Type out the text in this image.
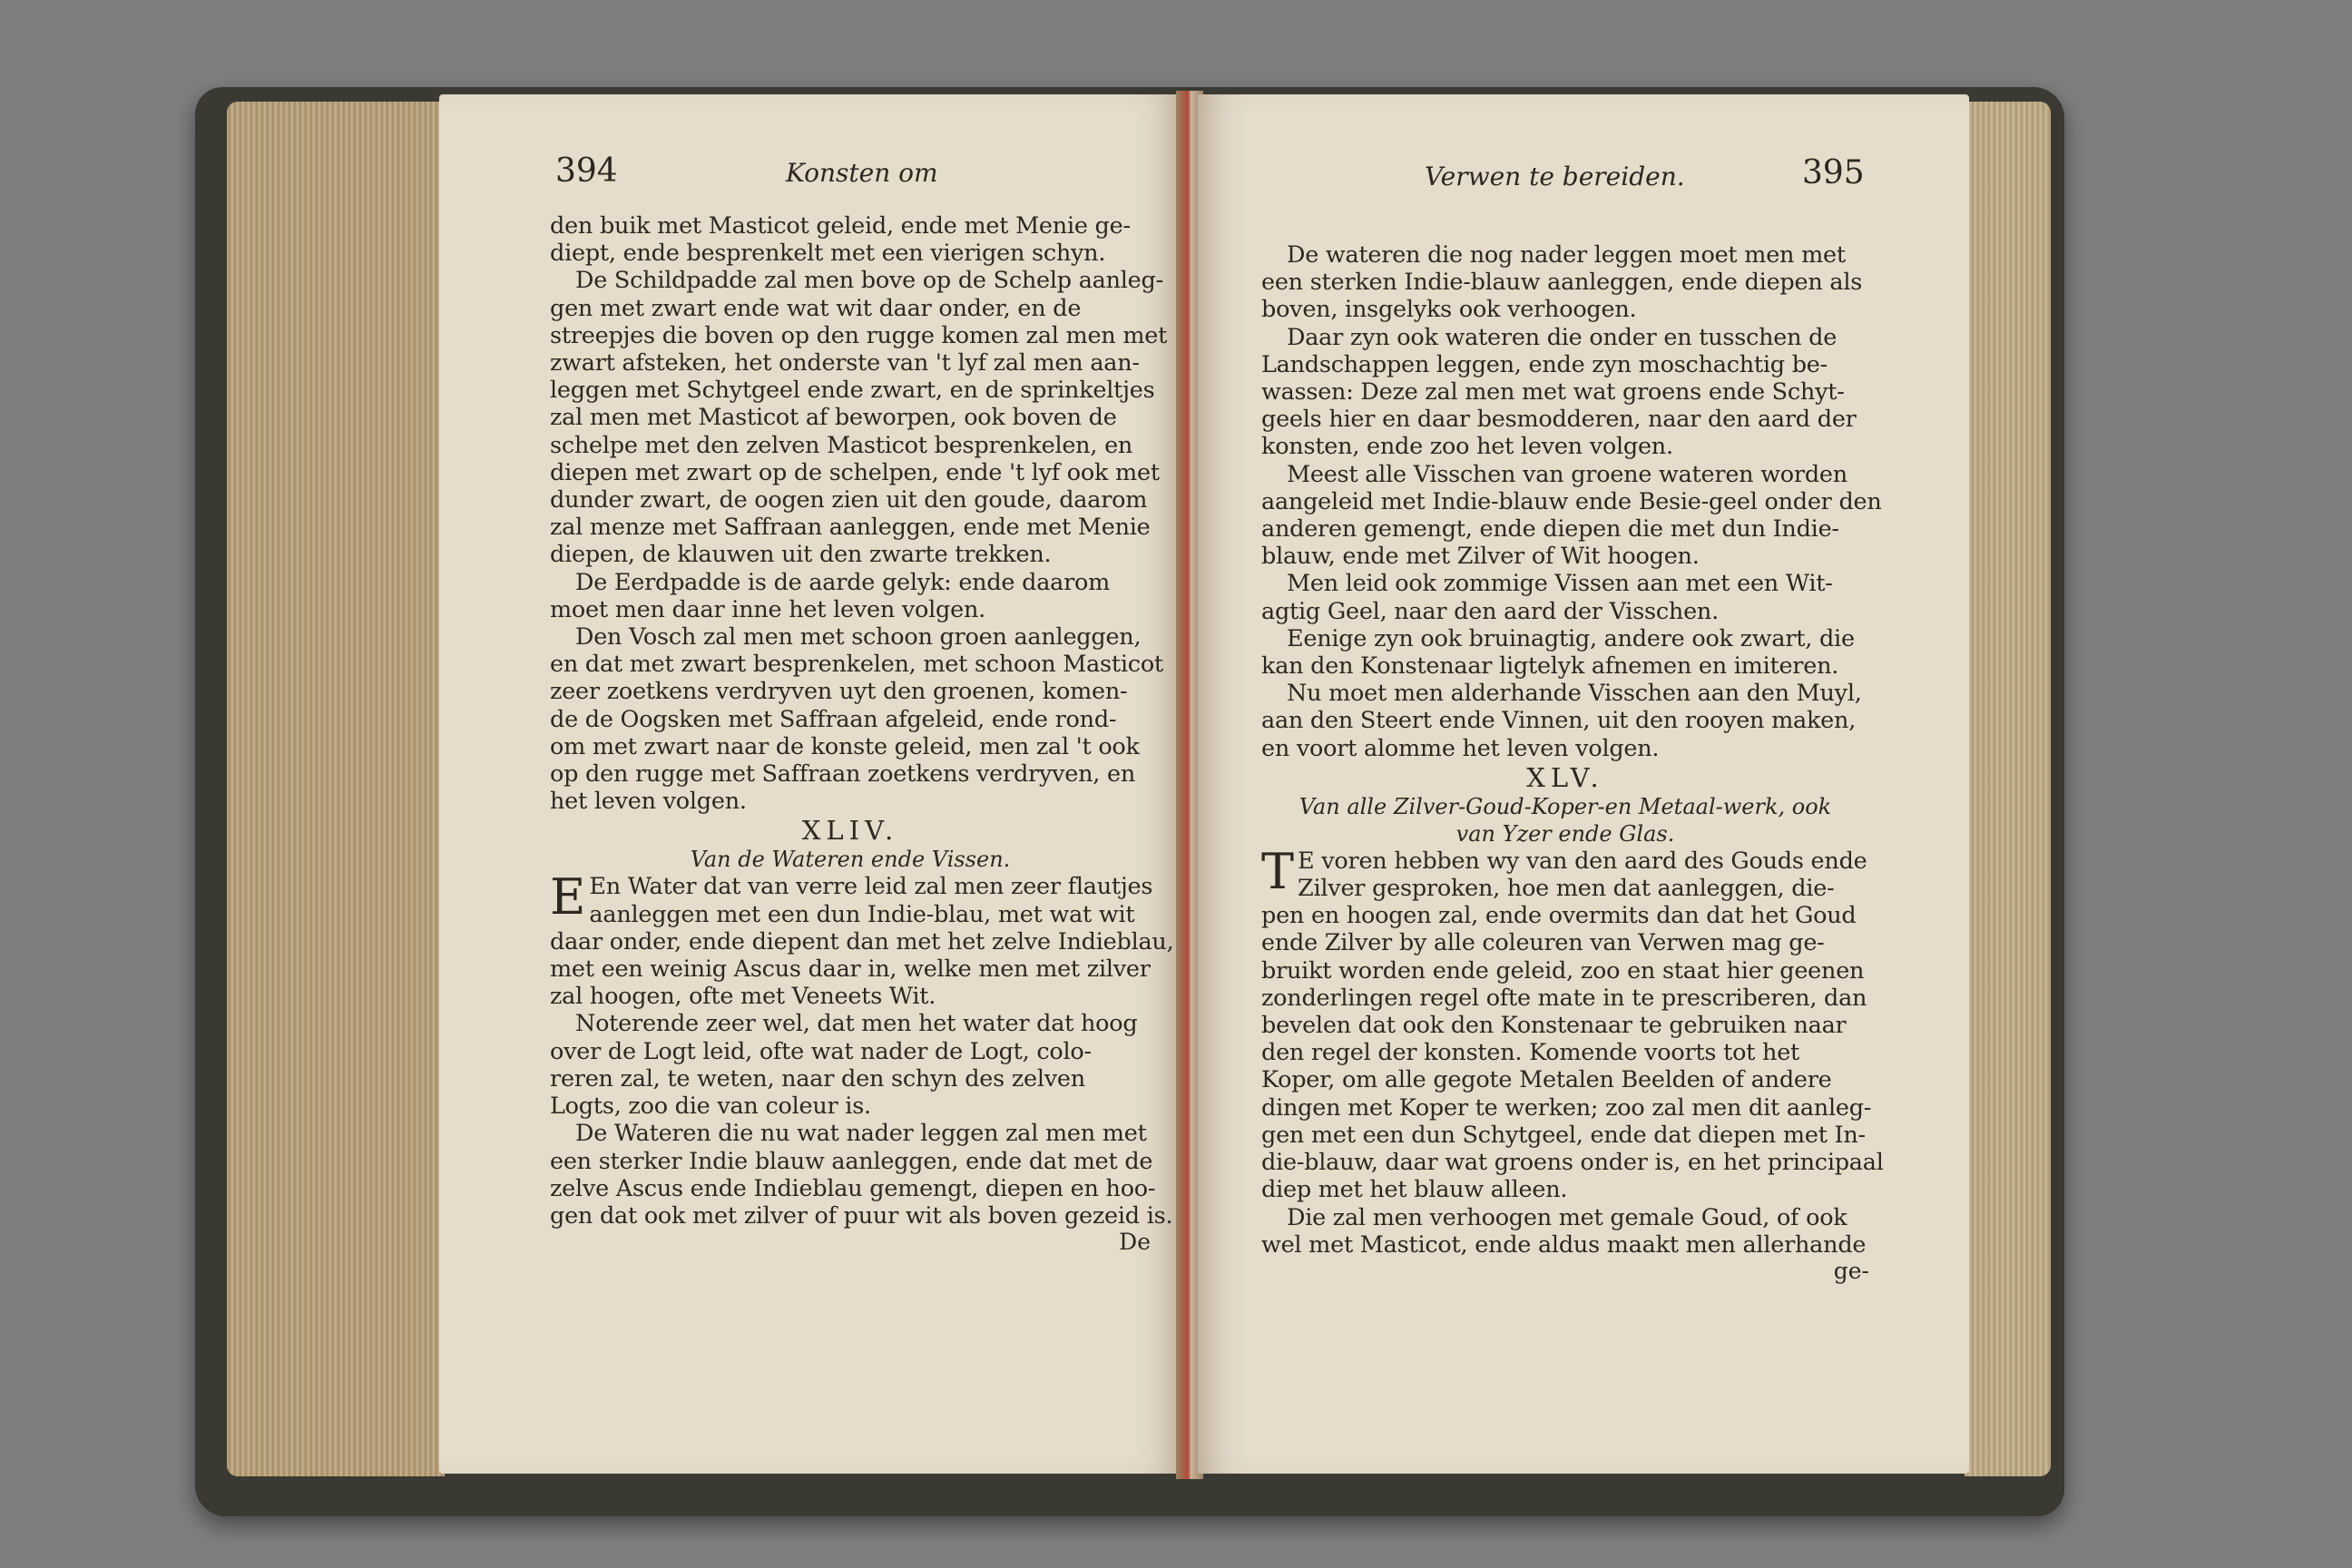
394	Konsten om
den buik met Masticot geleid, ende met Menie ge-
diept, ende besprenkelt met een vierigen schyn.
De Schildpadde zal men bove op de Schelp aanleg-
gen met zwart ende wat wit daar onder, en de
streepjes die boven op den rugge komen zal men met
zwart afsteken, het onderste van 't lyf zal men aan-
leggen met Schytgeel ende zwart, en de sprinkeltjes
zal men met Masticot af beworpen, ook boven de
schelpe met den zelven Masticot besprenkelen, en
diepen met zwart op de schelpen, ende 't lyf ook met
dunder zwart, de oogen zien uit den goude, daarom
zal menze met Saffraan aanleggen, ende met Menie
diepen, de klauwen uit den zwarte trekken.
De Eerdpadde is de aarde gelyk: ende daarom
moet men daar inne het leven volgen.
Den Vosch zal men met schoon groen aanleggen,
en dat met zwart besprenkelen, met schoon Masticot
zeer zoetkens verdryven uyt den groenen, komen-
de de Oogsken met Saffraan afgeleid, ende rond-
om met zwart naar de konste geleid, men zal 't ook
op den rugge met Saffraan zoetkens verdryven, en
het leven volgen.
XLIV.
Van de Wateren ende Vissen.
E En Water dat van verre leid zal men zeer flautjes
aanleggen met een dun Indie-blau, met wat wit
daar onder, ende diepent dan met het zelve Indieblau,
met een weinig Ascus daar in, welke men met zilver
zal hoogen, ofte met Veneets Wit.
Noterende zeer wel, dat men het water dat hoog
over de Logt leid, ofte wat nader de Logt, colo-
reren zal, te weten, naar den schyn des zelven
Logts, zoo die van coleur is.
De Wateren die nu wat nader leggen zal men met
een sterker Indie blauw aanleggen, ende dat met de
zelve Ascus ende Indieblau gemengt, diepen en hoo-
gen dat ook met zilver of puur wit als boven gezeid is.
De
Verwen te bereiden.	395
De wateren die nog nader leggen moet men met
een sterken Indie-blauw aanleggen, ende diepen als
boven, insgelyks ook verhoogen.
Daar zyn ook wateren die onder en tusschen de
Landschappen leggen, ende zyn moschachtig be-
wassen: Deze zal men met wat groens ende Schyt-
geels hier en daar besmodderen, naar den aard der
konsten, ende zoo het leven volgen.
Meest alle Visschen van groene wateren worden
aangeleid met Indie-blauw ende Besie-geel onder den
anderen gemengt, ende diepen die met dun Indie-
blauw, ende met Zilver of Wit hoogen.
Men leid ook zommige Vissen aan met een Wit-
agtig Geel, naar den aard der Visschen.
Eenige zyn ook bruinagtig, andere ook zwart, die
kan den Konstenaar ligtelyk afnemen en imiteren.
Nu moet men alderhande Visschen aan den Muyl,
aan den Steert ende Vinnen, uit den rooyen maken,
en voort alomme het leven volgen.
XLV.
Van alle Zilver-Goud-Koper-en Metaal-werk, ook
van Yzer ende Glas.
T E voren hebben wy van den aard des Gouds ende
Zilver gesproken, hoe men dat aanleggen, die-
pen en hoogen zal, ende overmits dan dat het Goud
ende Zilver by alle coleuren van Verwen mag ge-
bruikt worden ende geleid, zoo en staat hier geenen
zonderlingen regel ofte mate in te prescriberen, dan
bevelen dat ook den Konstenaar te gebruiken naar
den regel der konsten. Komende voorts tot het
Koper, om alle gegote Metalen Beelden of andere
dingen met Koper te werken; zoo zal men dit aanleg-
gen met een dun Schytgeel, ende dat diepen met In-
die-blauw, daar wat groens onder is, en het principaal
diep met het blauw alleen.
Die zal men verhoogen met gemale Goud, of ook
wel met Masticot, ende aldus maakt men allerhande
ge-
